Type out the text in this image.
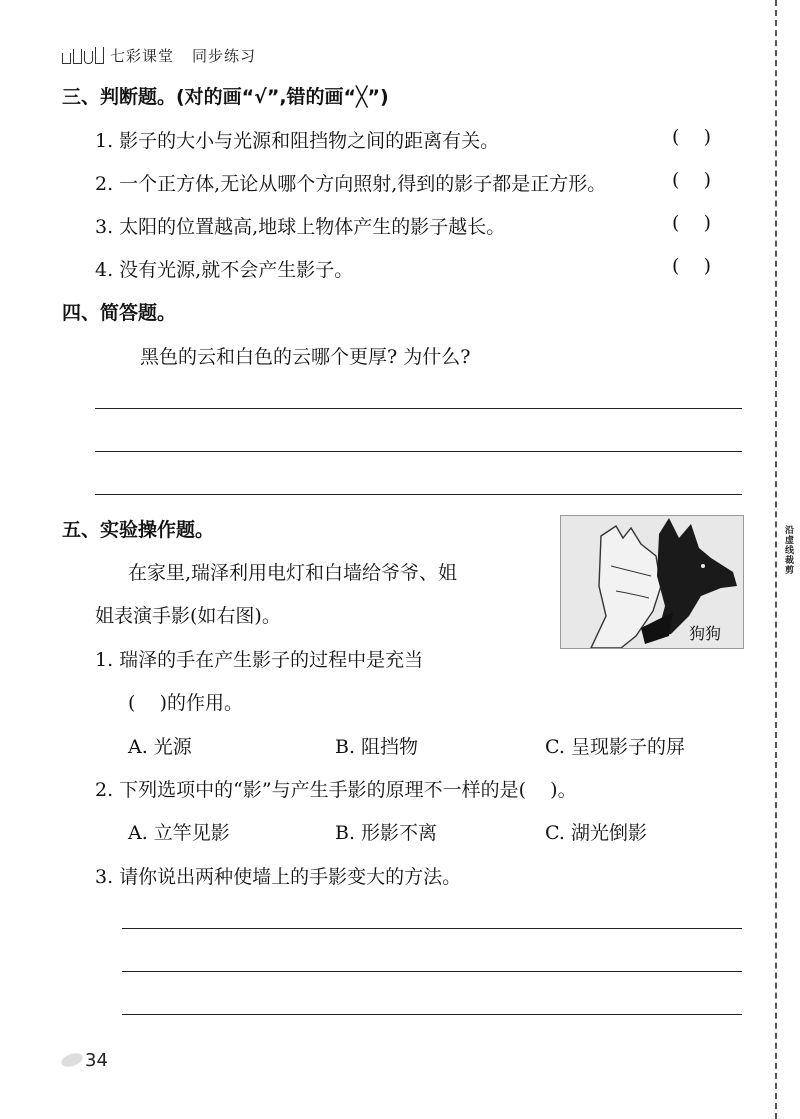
七彩课堂 同步练习
三、判断题。(对的画“√”,错的画“╳”)
1. 影子的大小与光源和阻挡物之间的距离有关。	(    )
2. 一个正方体,无论从哪个方向照射,得到的影子都是正方形。	(    )
3. 太阳的位置越高,地球上物体产生的影子越长。	(    )
4. 没有光源,就不会产生影子。	(    )
四、简答题。
黑色的云和白色的云哪个更厚? 为什么?
五、实验操作题。
在家里,瑞泽利用电灯和白墙给爷爷、姐
姐表演手影(如右图)。
狗狗
1. 瑞泽的手在产生影子的过程中是充当
(    )的作用。
A. 光源	B. 阻挡物	C. 呈现影子的屏
2. 下列选项中的“影”与产生手影的原理不一样的是(    )。
A. 立竿见影	B. 形影不离	C. 湖光倒影
3. 请你说出两种使墙上的手影变大的方法。
沿虚线裁剪
34
